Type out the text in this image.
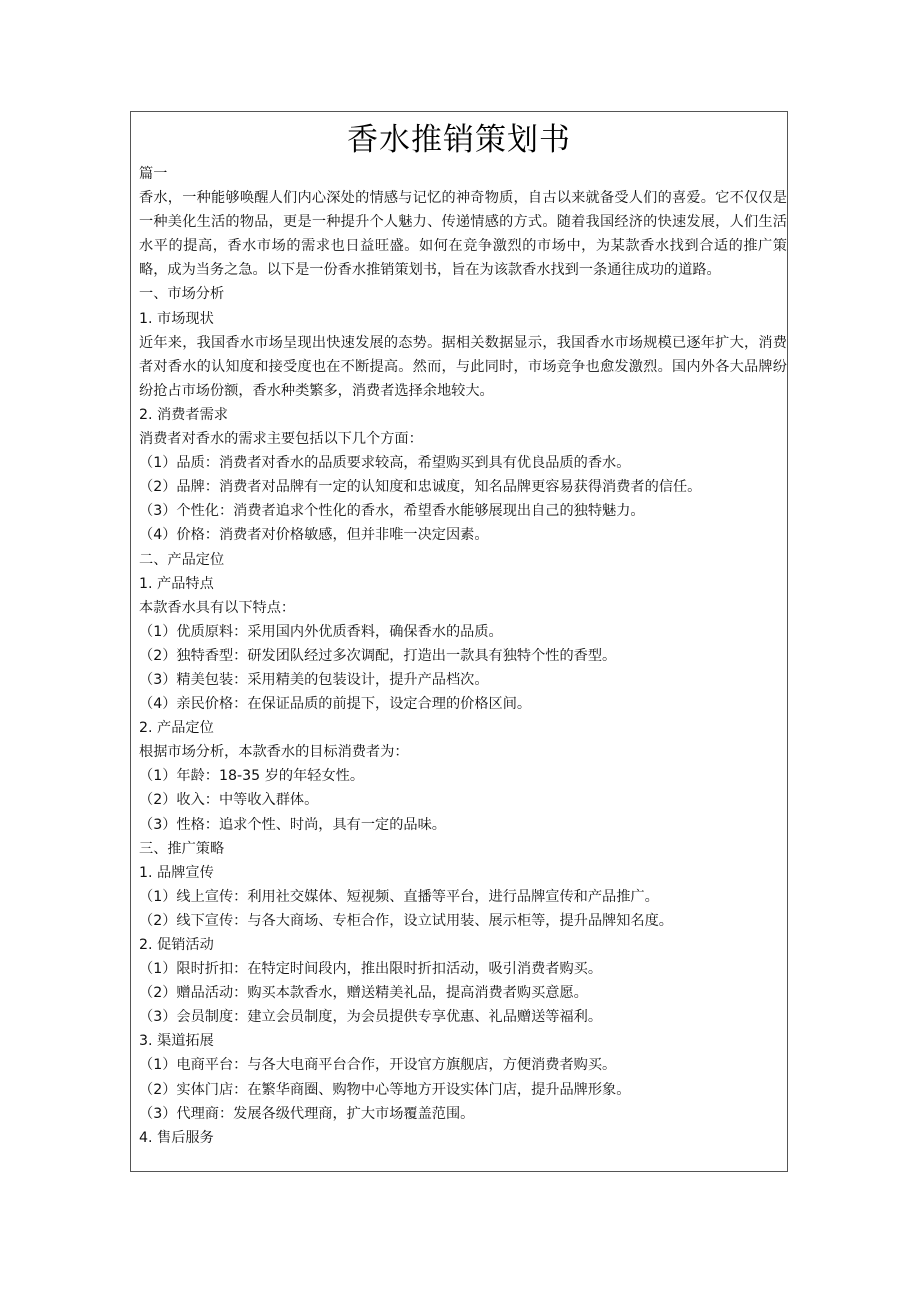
香水推销策划书
篇一
香水，一种能够唤醒人们内心深处的情感与记忆的神奇物质，自古以来就备受人们的喜爱。它不仅仅是一种美化生活的物品，更是一种提升个人魅力、传递情感的方式。随着我国经济的快速发展，人们生活水平的提高，香水市场的需求也日益旺盛。如何在竞争激烈的市场中，为某款香水找到合适的推广策略，成为当务之急。以下是一份香水推销策划书，旨在为该款香水找到一条通往成功的道路。
一、市场分析
1. 市场现状
近年来，我国香水市场呈现出快速发展的态势。据相关数据显示，我国香水市场规模已逐年扩大，消费者对香水的认知度和接受度也在不断提高。然而，与此同时，市场竞争也愈发激烈。国内外各大品牌纷纷抢占市场份额，香水种类繁多，消费者选择余地较大。
2. 消费者需求
消费者对香水的需求主要包括以下几个方面：
（1）品质：消费者对香水的品质要求较高，希望购买到具有优良品质的香水。
（2）品牌：消费者对品牌有一定的认知度和忠诚度，知名品牌更容易获得消费者的信任。
（3）个性化：消费者追求个性化的香水，希望香水能够展现出自己的独特魅力。
（4）价格：消费者对价格敏感，但并非唯一决定因素。
二、产品定位
1. 产品特点
本款香水具有以下特点：
（1）优质原料：采用国内外优质香料，确保香水的品质。
（2）独特香型：研发团队经过多次调配，打造出一款具有独特个性的香型。
（3）精美包装：采用精美的包装设计，提升产品档次。
（4）亲民价格：在保证品质的前提下，设定合理的价格区间。
2. 产品定位
根据市场分析，本款香水的目标消费者为：
（1）年龄：18-35 岁的年轻女性。
（2）收入：中等收入群体。
（3）性格：追求个性、时尚，具有一定的品味。
三、推广策略
1. 品牌宣传
（1）线上宣传：利用社交媒体、短视频、直播等平台，进行品牌宣传和产品推广。
（2）线下宣传：与各大商场、专柜合作，设立试用装、展示柜等，提升品牌知名度。
2. 促销活动
（1）限时折扣：在特定时间段内，推出限时折扣活动，吸引消费者购买。
（2）赠品活动：购买本款香水，赠送精美礼品，提高消费者购买意愿。
（3）会员制度：建立会员制度，为会员提供专享优惠、礼品赠送等福利。
3. 渠道拓展
（1）电商平台：与各大电商平台合作，开设官方旗舰店，方便消费者购买。
（2）实体门店：在繁华商圈、购物中心等地方开设实体门店，提升品牌形象。
（3）代理商：发展各级代理商，扩大市场覆盖范围。
4. 售后服务
